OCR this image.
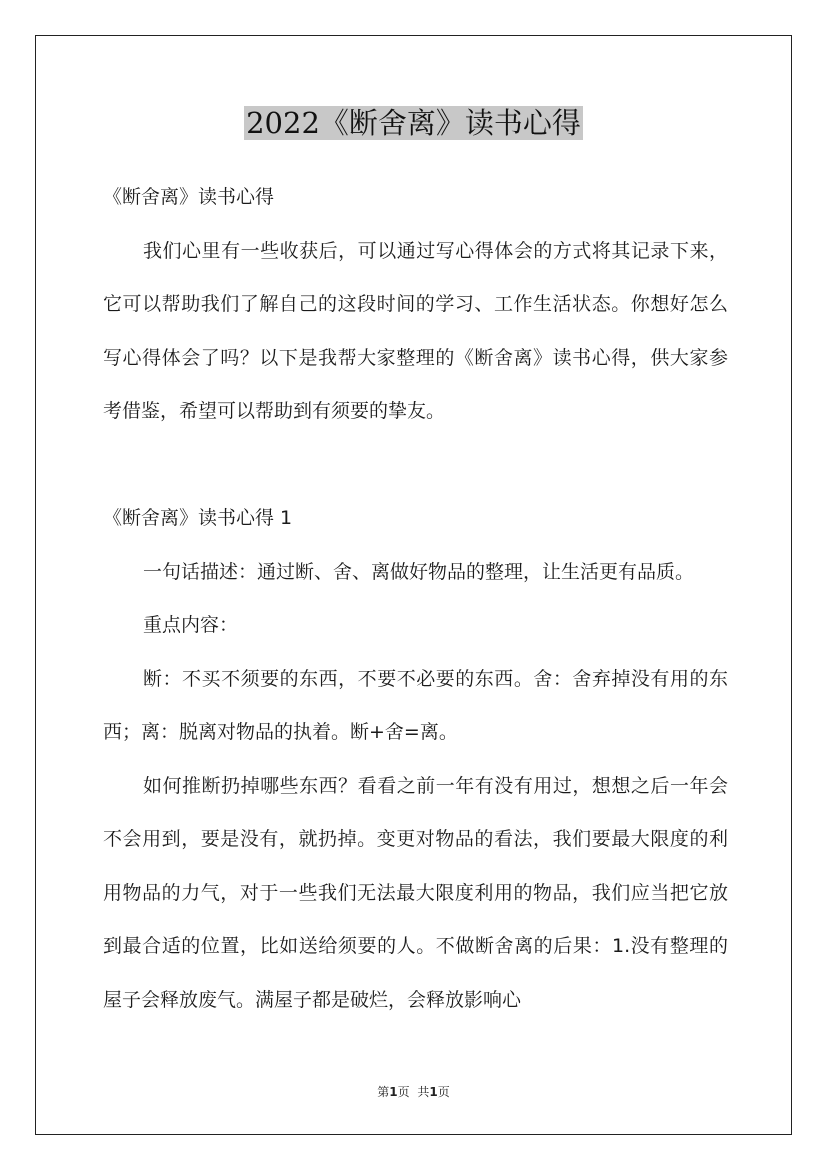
2022《断舍离》读书心得

《断舍离》读书心得

我们心里有一些收获后，可以通过写心得体会的方式将其记录下来，它可以帮助我们了解自己的这段时间的学习、工作生活状态。你想好怎么写心得体会了吗？以下是我帮大家整理的《断舍离》读书心得，供大家参考借鉴，希望可以帮助到有须要的挚友。

《断舍离》读书心得 1

一句话描述：通过断、舍、离做好物品的整理，让生活更有品质。

重点内容：

断：不买不须要的东西，不要不必要的东西。舍：舍弃掉没有用的东西；离：脱离对物品的执着。断+舍=离。

如何推断扔掉哪些东西？看看之前一年有没有用过，想想之后一年会不会用到，要是没有，就扔掉。变更对物品的看法，我们要最大限度的利用物品的力气，对于一些我们无法最大限度利用的物品，我们应当把它放到最合适的位置，比如送给须要的人。不做断舍离的后果：1.没有整理的屋子会释放废气。满屋子都是破烂，会释放影响心

第1页 共1页
